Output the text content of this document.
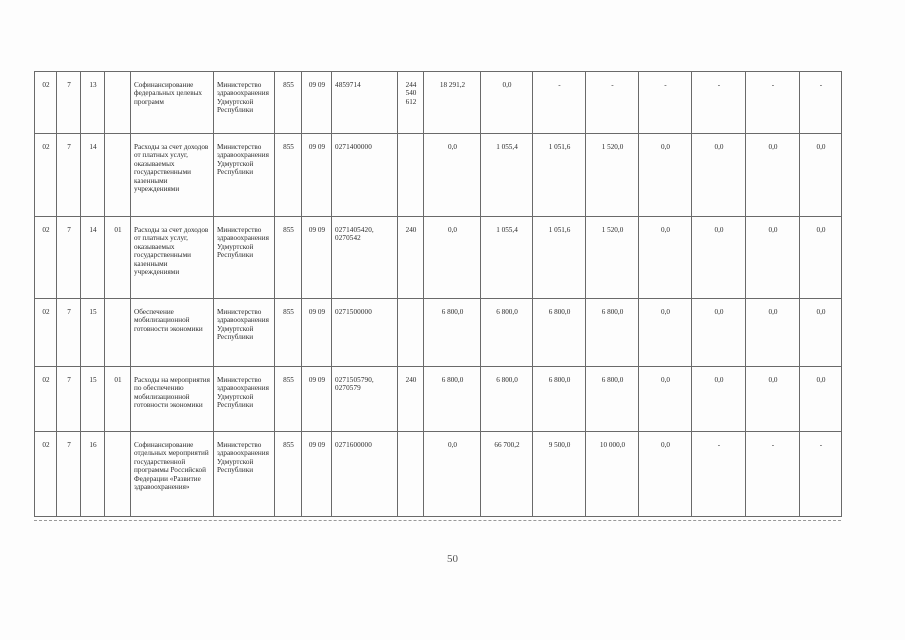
02	7	13		Софинансирование федеральных целевых программ	Министерство здравоохранения Удмуртской Республики	855	09 09	4859714	244 540 612	18 291,2	0,0	-	-	-	-	-	-
02	7	14		Расходы за счет доходов от платных услуг, оказываемых государственными казенными учреждениями	Министерство здравоохранения Удмуртской Республики	855	09 09	0271400000		0,0	1 055,4	1 051,6	1 520,0	0,0	0,0	0,0	0,0
02	7	14	01	Расходы за счет доходов от платных услуг, оказываемых государственными казенными учреждениями	Министерство здравоохранения Удмуртской Республики	855	09 09	0271405420, 0270542	240	0,0	1 055,4	1 051,6	1 520,0	0,0	0,0	0,0	0,0
02	7	15		Обеспечение мобилизационной готовности экономики	Министерство здравоохранения Удмуртской Республики	855	09 09	0271500000		6 800,0	6 800,0	6 800,0	6 800,0	0,0	0,0	0,0	0,0
02	7	15	01	Расходы на мероприятия по обеспечению мобилизационной готовности экономики	Министерство здравоохранения Удмуртской Республики	855	09 09	0271505790, 0270579	240	6 800,0	6 800,0	6 800,0	6 800,0	0,0	0,0	0,0	0,0
02	7	16		Софинансирование отдельных мероприятий государственной программы Российской Федерации «Развитие здравоохранения»	Министерство здравоохранения Удмуртской Республики	855	09 09	0271600000		0,0	66 700,2	9 500,0	10 000,0	0,0	-	-	-
50
